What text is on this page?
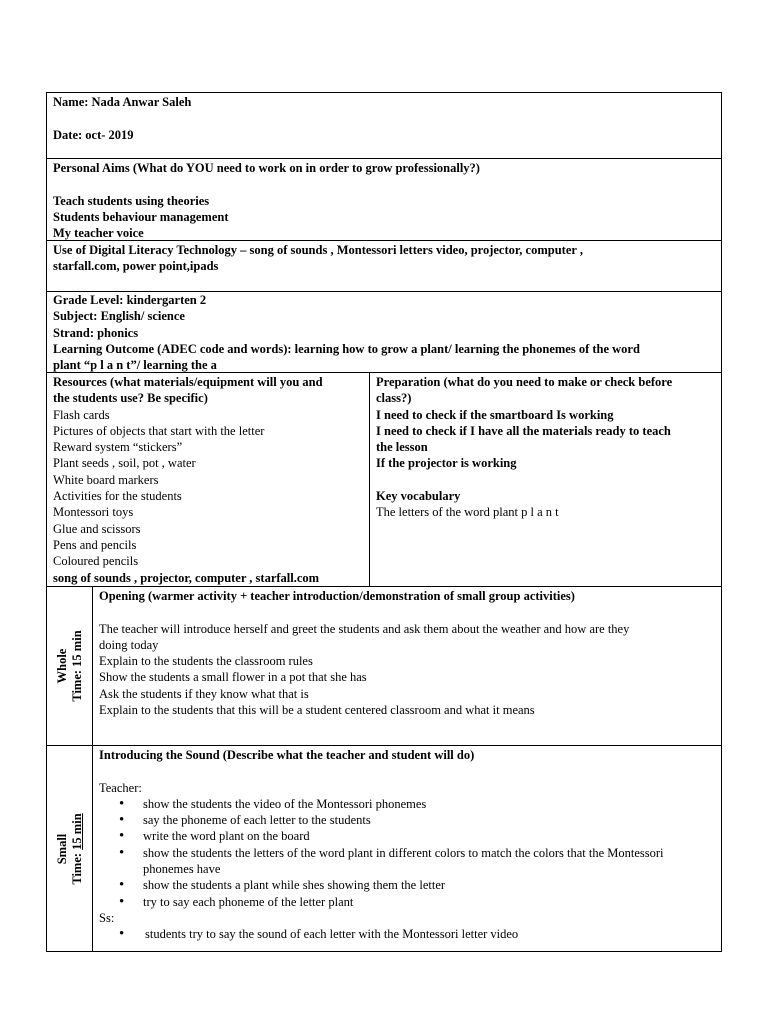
Name: Nada Anwar Saleh
Date: oct- 2019
Personal Aims (What do YOU need to work on in order to grow professionally?)
Teach students using theories
Students behaviour management
My teacher voice
Use of Digital Literacy Technology – song of sounds , Montessori letters video, projector, computer ,
starfall.com, power point,ipads
Grade Level: kindergarten 2
Subject: English/ science
Strand: phonics
Learning Outcome (ADEC code and words): learning how to grow a plant/ learning the phonemes of the word
plant “p l a n t”/ learning the a
Resources (what materials/equipment will you and
the students use? Be specific)
Flash cards
Pictures of objects that start with the letter
Reward system “stickers”
Plant seeds , soil, pot , water
White board markers
Activities for the students
Montessori toys
Glue and scissors
Pens and pencils
Coloured pencils
song of sounds , projector, computer , starfall.com
Preparation (what do you need to make or check before
class?)
I need to check if the smartboard Is working
I need to check if I have all the materials ready to teach
the lesson
If the projector is working
Key vocabulary
The letters of the word plant p l a n t
Whole Time: 15 min
Opening (warmer activity + teacher introduction/demonstration of small group activities)
The teacher will introduce herself and greet the students and ask them about the weather and how are they
doing today
Explain to the students the classroom rules
Show the students a small flower in a pot that she has
Ask the students if they know what that is
Explain to the students that this will be a student centered classroom and what it means
Small
Time: 15 min
Introducing the Sound (Describe what the teacher and student will do)
Teacher:
• show the students the video of the Montessori phonemes
• say the phoneme of each letter to the students
• write the word plant on the board
• show the students the letters of the word plant in different colors to match the colors that the Montessori phonemes have
• show the students a plant while shes showing them the letter
• try to say each phoneme of the letter plant
Ss:
• students try to say the sound of each letter with the Montessori letter video
